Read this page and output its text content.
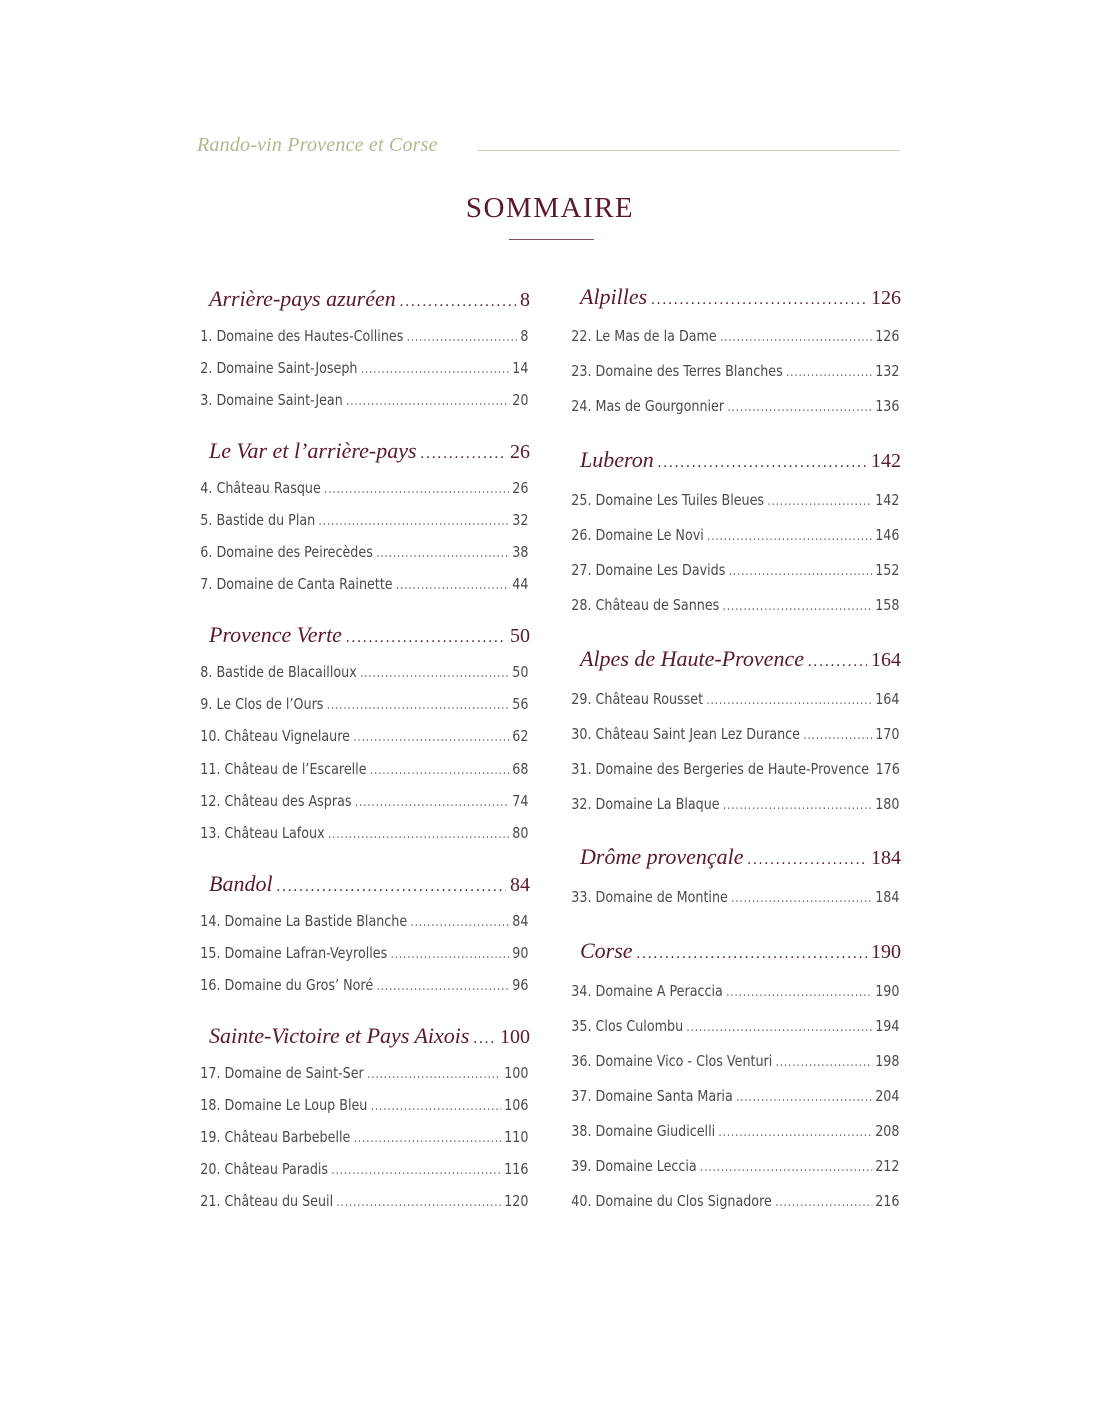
Rando-vin Provence et Corse
SOMMAIRE
Arrière-pays azuréen . . .	8
1. Domaine des Hautes-Collines . . .	8
2. Domaine Saint-Joseph . . .	14
3. Domaine Saint-Jean . . .	20
Le Var et l’arrière-pays . . .	26
4. Château Rasque . . .	26
5. Bastide du Plan . . .	32
6. Domaine des Peirecèdes . . .	38
7. Domaine de Canta Rainette . . .	44
Provence Verte . . .	50
8. Bastide de Blacailloux . . .	50
9. Le Clos de l’Ours . . .	56
10. Château Vignelaure . . .	62
11. Château de l’Escarelle . . .	68
12. Château des Aspras . . .	74
13. Château Lafoux . . .	80
Bandol . . .	84
14. Domaine La Bastide Blanche . . .	84
15. Domaine Lafran-Veyrolles . . .	90
16. Domaine du Gros’ Noré . . .	96
Sainte-Victoire et Pays Aixois . . . 100
17. Domaine de Saint-Ser . . .	100
18. Domaine Le Loup Bleu . . .	106
19. Château Barbebelle . . .	110
20. Château Paradis . . .	116
21. Château du Seuil . . .	120
Alpilles . . .	126
22. Le Mas de la Dame . . .	126
23. Domaine des Terres Blanches . . .	132
24. Mas de Gourgonnier . . .	136
Luberon . . .	142
25. Domaine Les Tuiles Bleues . . .	142
26. Domaine Le Novi . . .	146
27. Domaine Les Davids . . .	152
28. Château de Sannes . . .	158
Alpes de Haute-Provence . . .	164
29. Château Rousset . . .	164
30. Château Saint Jean Lez Durance . . .	170
31. Domaine des Bergeries de Haute-Provence 176
32. Domaine La Blaque . . .	180
Drôme provençale . . .	184
33. Domaine de Montine . . .	184
Corse . . .	190
34. Domaine A Peraccia . . .	190
35. Clos Culombu . . .	194
36. Domaine Vico - Clos Venturi . . .	198
37. Domaine Santa Maria . . .	204
38. Domaine Giudicelli . . .	208
39. Domaine Leccia . . .	212
40. Domaine du Clos Signadore . . .	216
